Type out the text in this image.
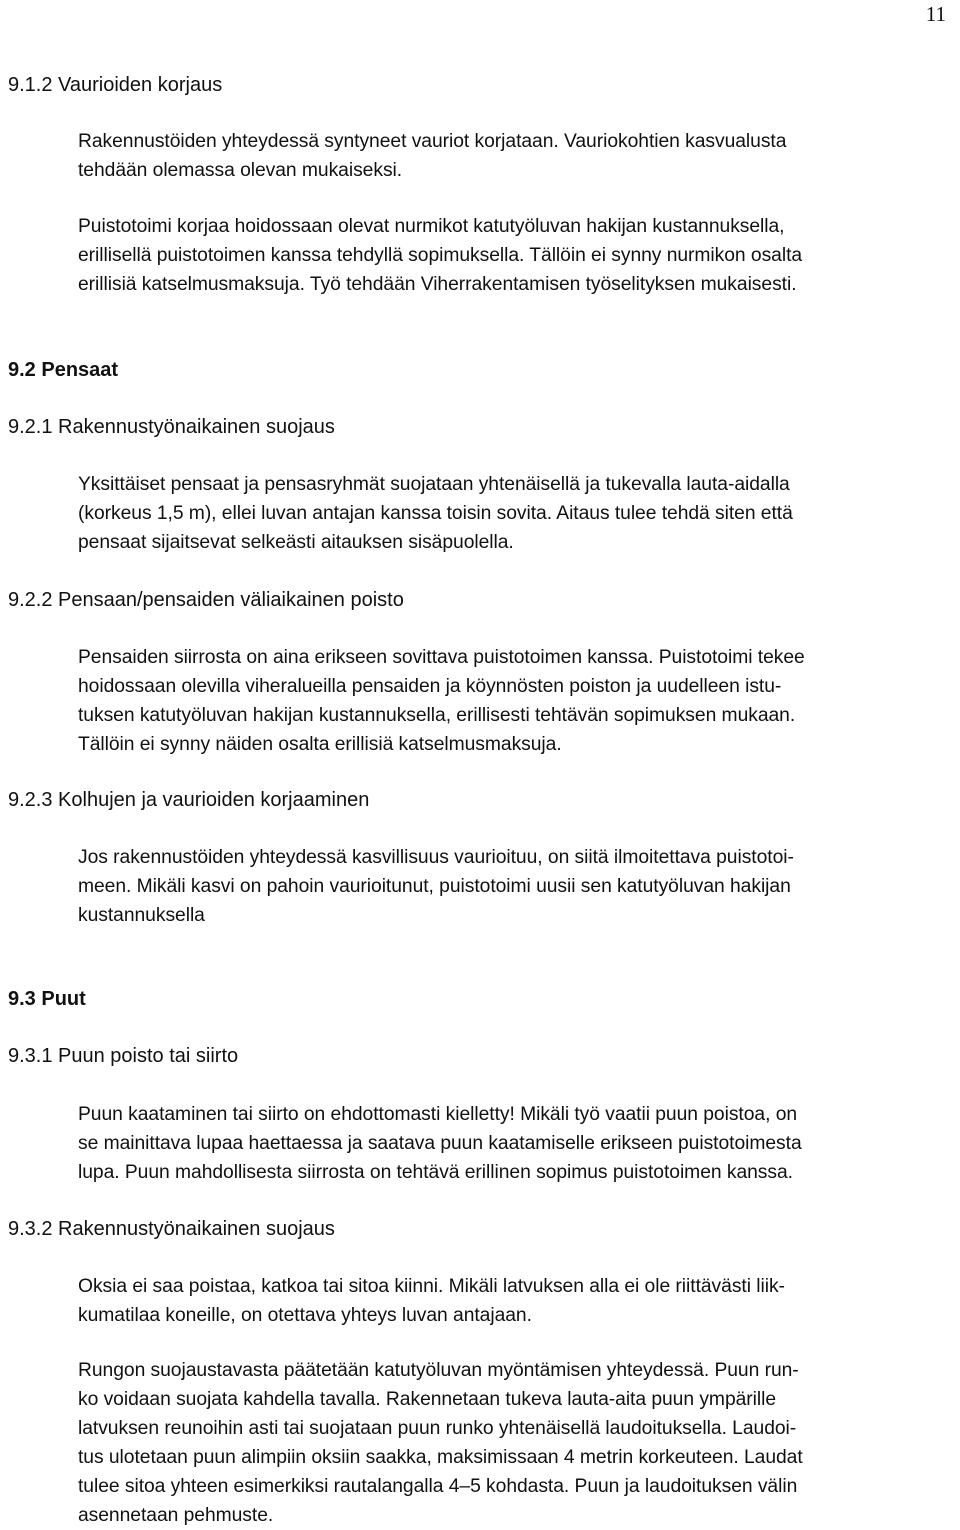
11
9.1.2 Vaurioiden korjaus
Rakennustöiden yhteydessä syntyneet vauriot korjataan. Vauriokohtien kasvualusta
tehdään olemassa olevan mukaiseksi.
Puistotoimi korjaa hoidossaan olevat nurmikot katutyöluvan hakijan kustannuksella,
erillisellä puistotoimen kanssa tehdyllä sopimuksella. Tällöin ei synny nurmikon osalta
erillisiä katselmusmaksuja. Työ tehdään Viherrakentamisen työselityksen mukaisesti.
9.2 Pensaat
9.2.1 Rakennustyönaikainen suojaus
Yksittäiset pensaat ja pensasryhmät suojataan yhtenäisellä ja tukevalla lauta-aidalla
(korkeus 1,5 m), ellei luvan antajan kanssa toisin sovita. Aitaus tulee tehdä siten että
pensaat sijaitsevat selkeästi aitauksen sisäpuolella.
9.2.2 Pensaan/pensaiden väliaikainen poisto
Pensaiden siirrosta on aina erikseen sovittava puistotoimen kanssa. Puistotoimi tekee
hoidossaan olevilla viheralueilla pensaiden ja köynnösten poiston ja uudelleen istu-
tuksen katutyöluvan hakijan kustannuksella, erillisesti tehtävän sopimuksen mukaan.
Tällöin ei synny näiden osalta erillisiä katselmusmaksuja.
9.2.3 Kolhujen ja vaurioiden korjaaminen
Jos rakennustöiden yhteydessä kasvillisuus vaurioituu, on siitä ilmoitettava puistotoi-
meen. Mikäli kasvi on pahoin vaurioitunut, puistotoimi uusii sen katutyöluvan hakijan
kustannuksella
9.3 Puut
9.3.1 Puun poisto tai siirto
Puun kaataminen tai siirto on ehdottomasti kielletty! Mikäli työ vaatii puun poistoa, on
se mainittava lupaa haettaessa ja saatava puun kaatamiselle erikseen puistotoimesta
lupa. Puun mahdollisesta siirrosta on tehtävä erillinen sopimus puistotoimen kanssa.
9.3.2 Rakennustyönaikainen suojaus
Oksia ei saa poistaa, katkoa tai sitoa kiinni. Mikäli latvuksen alla ei ole riittävästi liik-
kumatilaa koneille, on otettava yhteys luvan antajaan.
Rungon suojaustavasta päätetään katutyöluvan myöntämisen yhteydessä. Puun run-
ko voidaan suojata kahdella tavalla. Rakennetaan tukeva lauta-aita puun ympärille
latvuksen reunoihin asti tai suojataan puun runko yhtenäisellä laudoituksella. Laudoi-
tus ulotetaan puun alimpiin oksiin saakka, maksimissaan 4 metrin korkeuteen. Laudat
tulee sitoa yhteen esimerkiksi rautalangalla 4–5 kohdasta. Puun ja laudoituksen välin
asennetaan pehmuste.
